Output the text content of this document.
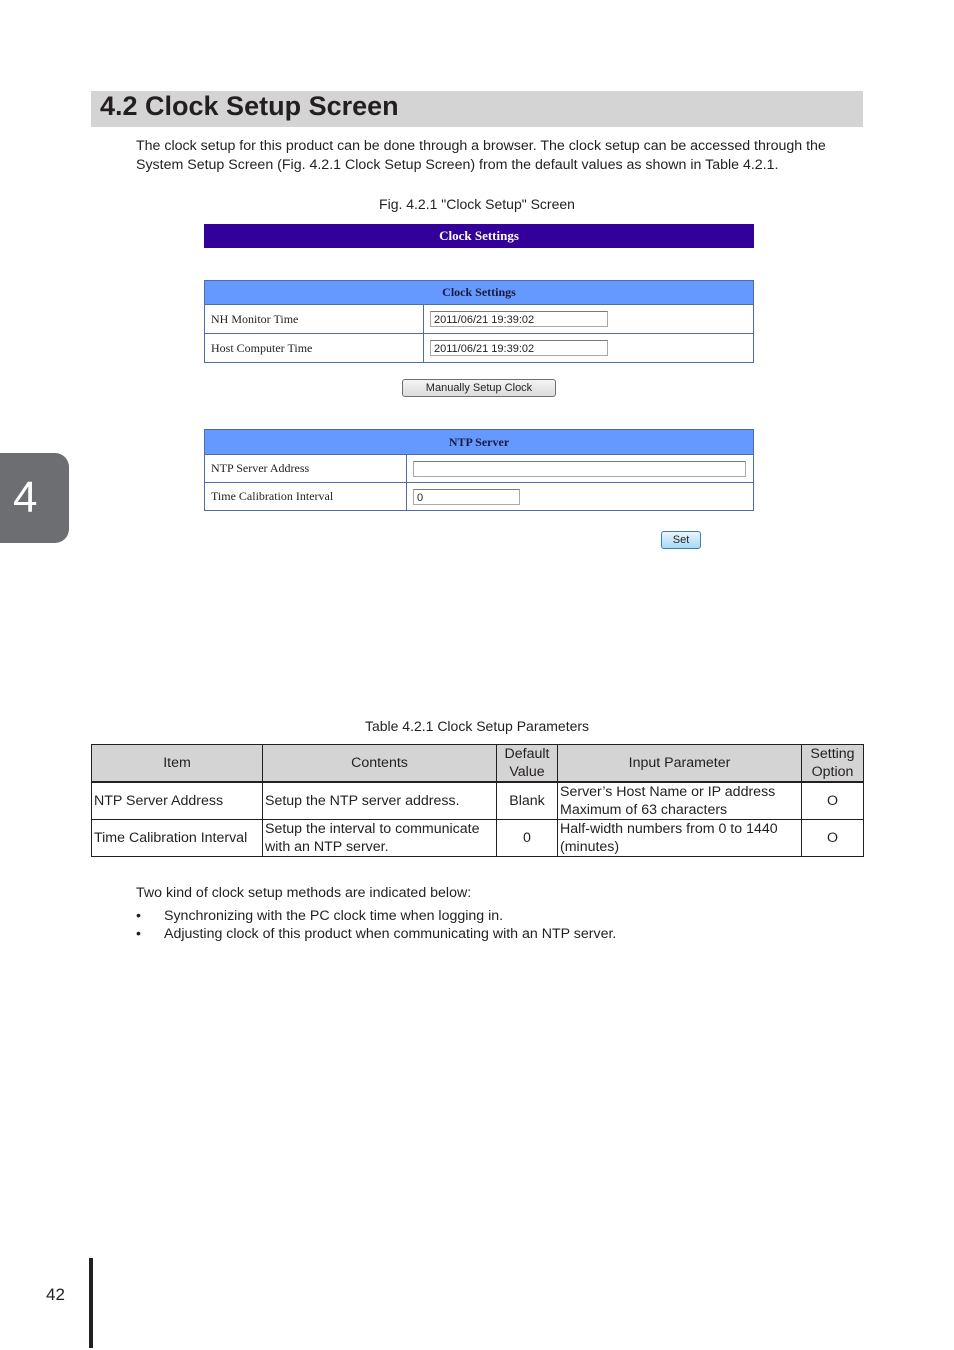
4.2 Clock Setup Screen
The clock setup for this product can be done through a browser. The clock setup can be accessed through the System Setup Screen (Fig. 4.2.1 Clock Setup Screen) from the default values as shown in Table 4.2.1.
Fig. 4.2.1 "Clock Setup" Screen
4
Clock Settings
Clock Settings	
NH Monitor Time	2011/06/21 19:39:02

Host Computer Time	2011/06/21 19:39:02
Manually Setup Clock
NTP Server	
NTP Server Address	

Time Calibration Interval	0
Set
Table 4.2.1 Clock Setup Parameters
Item	Contents	Default Value	Input Parameter	Setting Option
NTP Server Address	Setup the NTP server address.	Blank	Server’s Host Name or IP address Maximum of 63 characters	O
Time Calibration Interval	Setup the interval to communicate with an NTP server.	0	Half-width numbers from 0 to 1440 (minutes)	O
Two kind of clock setup methods are indicated below:
• Synchronizing with the PC clock time when logging in.
• Adjusting clock of this product when communicating with an NTP server.
42
